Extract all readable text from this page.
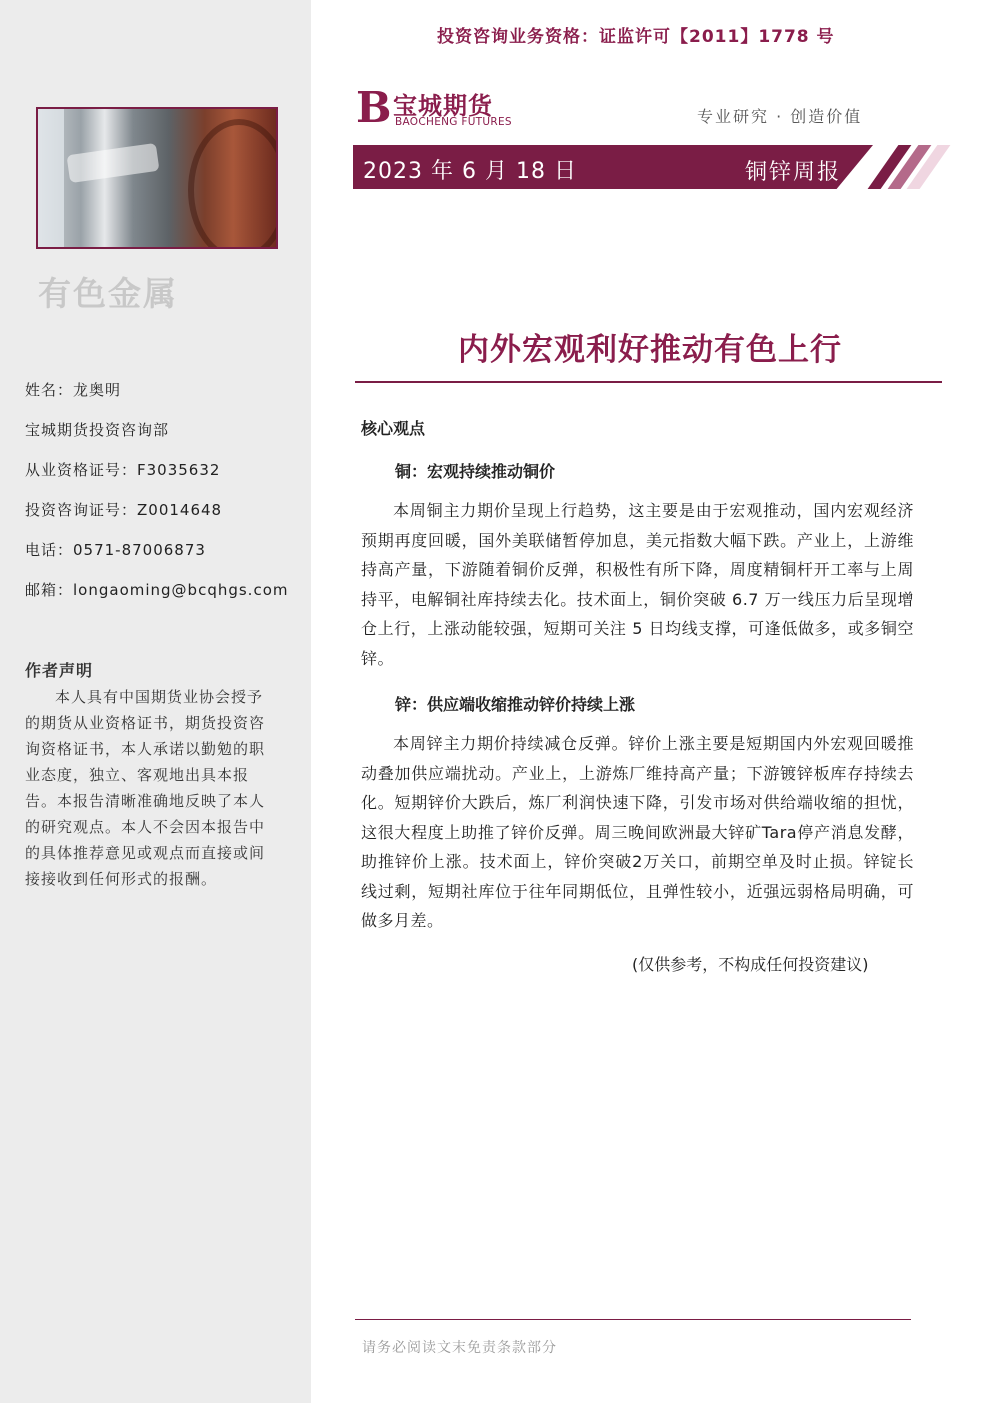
有色金属
姓名：龙奥明
宝城期货投资咨询部
从业资格证号：F3035632
投资咨询证号：Z0014648
电话：0571-87006873
邮箱：longaoming@bcqhgs.com
作者声明
本人具有中国期货业协会授予的期货从业资格证书，期货投资咨询资格证书，本人承诺以勤勉的职业态度，独立、客观地出具本报告。本报告清晰准确地反映了本人的研究观点。本人不会因本报告中的具体推荐意见或观点而直接或间接接收到任何形式的报酬。
投资咨询业务资格：证监许可【2011】1778 号
B 宝城期货
BAOCHENG FUTURES	专业研究 · 创造价值
2023 年 6 月 18 日	铜锌周报
内外宏观利好推动有色上行
核心观点
铜：宏观持续推动铜价
本周铜主力期价呈现上行趋势，这主要是由于宏观推动，国内宏观经济预期再度回暖，国外美联储暂停加息，美元指数大幅下跌。产业上，上游维持高产量，下游随着铜价反弹，积极性有所下降，周度精铜杆开工率与上周持平，电解铜社库持续去化。技术面上，铜价突破 6.7 万一线压力后呈现增仓上行，上涨动能较强，短期可关注 5 日均线支撑，可逢低做多，或多铜空锌。
锌：供应端收缩推动锌价持续上涨
本周锌主力期价持续减仓反弹。锌价上涨主要是短期国内外宏观回暖推动叠加供应端扰动。产业上，上游炼厂维持高产量；下游镀锌板库存持续去化。短期锌价大跌后，炼厂利润快速下降，引发市场对供给端收缩的担忧，这很大程度上助推了锌价反弹。周三晚间欧洲最大锌矿Tara停产消息发酵，助推锌价上涨。技术面上，锌价突破2万关口，前期空单及时止损。锌锭长线过剩，短期社库位于往年同期低位，且弹性较小，近强远弱格局明确，可做多月差。
(仅供参考，不构成任何投资建议)
请务必阅读文末免责条款部分
